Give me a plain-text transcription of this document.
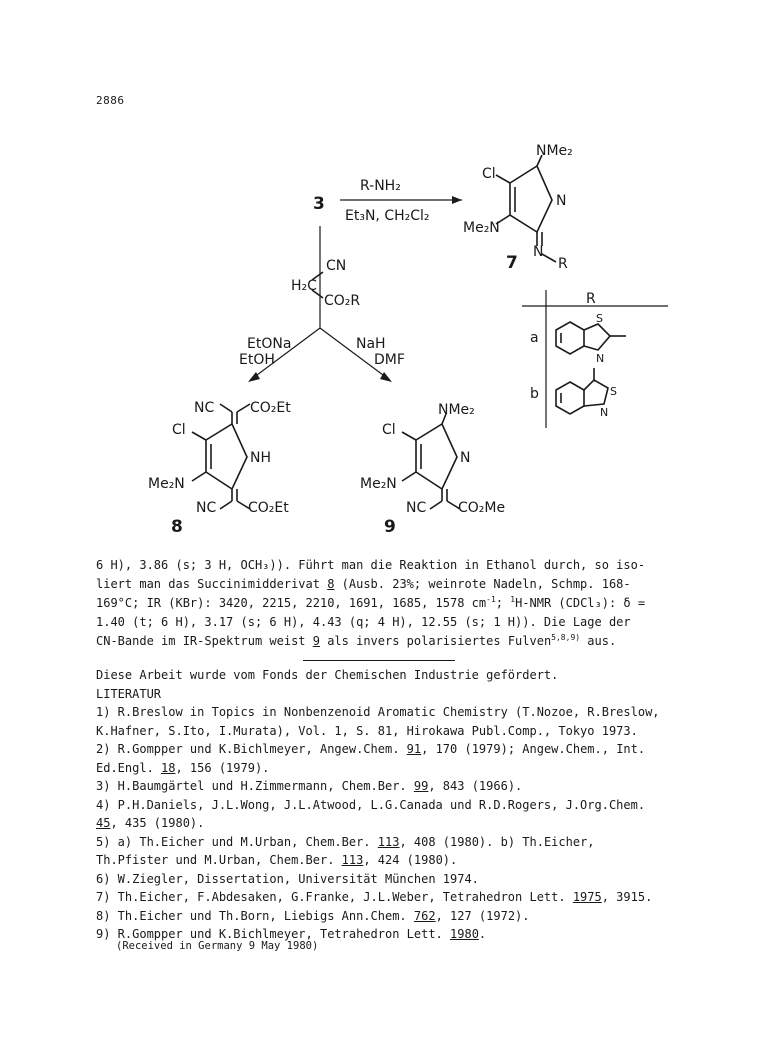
2886
3
R-NH₂
Et₃N, CH₂Cl₂
NMe₂
Cl
N
Me₂N
N
R
7
CN
H₂C
CO₂R
EtONa
EtOH
NaH
DMF
NC	CO₂Et
Cl
NH
Me₂N
NC CO₂Et
8
NMe₂
Cl
N
Me₂N
NC CO₂Me
9
R
a
b
S
N
S
N
6 H), 3.86 (s; 3 H, OCH₃)). Führt man die Reaktion in Ethanol durch, so iso-
liert man das Succinimidderivat 8 (Ausb. 23%; weinrote Nadeln, Schmp. 168-
169°C; IR (KBr): 3420, 2215, 2210, 1691, 1685, 1578 $cm^{-1}$; $^1$H-NMR (CDCl₃): δ =
1.40 (t; 6 H), 3.17 (s; 6 H), 4.43 (q; 4 H), 12.55 (s; 1 H)). Die Lage der
CN-Bande im IR-Spektrum weist 9 als invers polarisiertes Fulven$^{5,8,9)}$ aus.
Diese Arbeit wurde vom Fonds der Chemischen Industrie gefördert.
LITERATUR
1) R.Breslow in Topics in Nonbenzenoid Aromatic Chemistry (T.Nozoe, R.Breslow,
K.Hafner, S.Ito, I.Murata), Vol. 1, S. 81, Hirokawa Publ.Comp., Tokyo 1973.
2) R.Gompper und K.Bichlmeyer, Angew.Chem. 91, 170 (1979); Angew.Chem., Int.
Ed.Engl. 18, 156 (1979).
3) H.Baumgärtel und H.Zimmermann, Chem.Ber. 99, 843 (1966).
4) P.H.Daniels, J.L.Wong, J.L.Atwood, L.G.Canada und R.D.Rogers, J.Org.Chem.
45, 435 (1980).
5) a) Th.Eicher und M.Urban, Chem.Ber. 113, 408 (1980). b) Th.Eicher,
Th.Pfister und M.Urban, Chem.Ber. 113, 424 (1980).
6) W.Ziegler, Dissertation, Universität München 1974.
7) Th.Eicher, F.Abdesaken, G.Franke, J.L.Weber, Tetrahedron Lett. 1975, 3915.
8) Th.Eicher und Th.Born, Liebigs Ann.Chem. 762, 127 (1972).
9) R.Gompper und K.Bichlmeyer, Tetrahedron Lett. 1980.
(Received in Germany 9 May 1980)
